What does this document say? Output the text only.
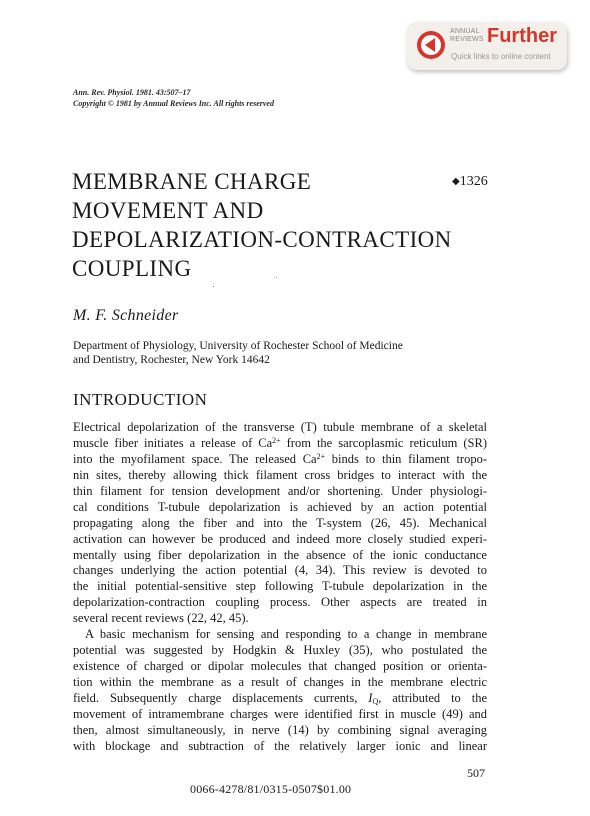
ANNUAL
REVIEWS Further
Quick links to online content
Ann. Rev. Physiol. 1981. 43:507–17
Copyright © 1981 by Annual Reviews Inc. All rights reserved
MEMBRANE CHARGE
MOVEMENT AND
DEPOLARIZATION-CONTRACTION
COUPLING
◆1326
M. F. Schneider
Department of Physiology, University of Rochester School of Medicine
and Dentistry, Rochester, New York 14642
INTRODUCTION
Electrical depolarization of the transverse (T) tubule membrane of a skeletal
muscle fiber initiates a release of $Ca^{2+}$ from the sarcoplasmic reticulum (SR)
into the myofilament space. The released $Ca^{2+}$ binds to thin filament tropo-
nin sites, thereby allowing thick filament cross bridges to interact with the
thin filament for tension development and/or shortening. Under physiologi-
cal conditions T-tubule depolarization is achieved by an action potential
propagating along the fiber and into the T-system (26, 45). Mechanical
activation can however be produced and indeed more closely studied experi-
mentally using fiber depolarization in the absence of the ionic conductance
changes underlying the action potential (4, 34). This review is devoted to
the initial potential-sensitive step following T-tubule depolarization in the
depolarization-contraction coupling process. Other aspects are treated in
several recent reviews (22, 42, 45).
A basic mechanism for sensing and responding to a change in membrane
potential was suggested by Hodgkin & Huxley (35), who postulated the
existence of charged or dipolar molecules that changed position or orienta-
tion within the membrane as a result of changes in the membrane electric
field. Subsequently charge displacements currents, $I_Q$, attributed to the
movement of intramembrane charges were identified first in muscle (49) and
then, almost simultaneously, in nerve (14) by combining signal averaging
with blockage and subtraction of the relatively larger ionic and linear
507
0066-4278/81/0315-0507$01.00
